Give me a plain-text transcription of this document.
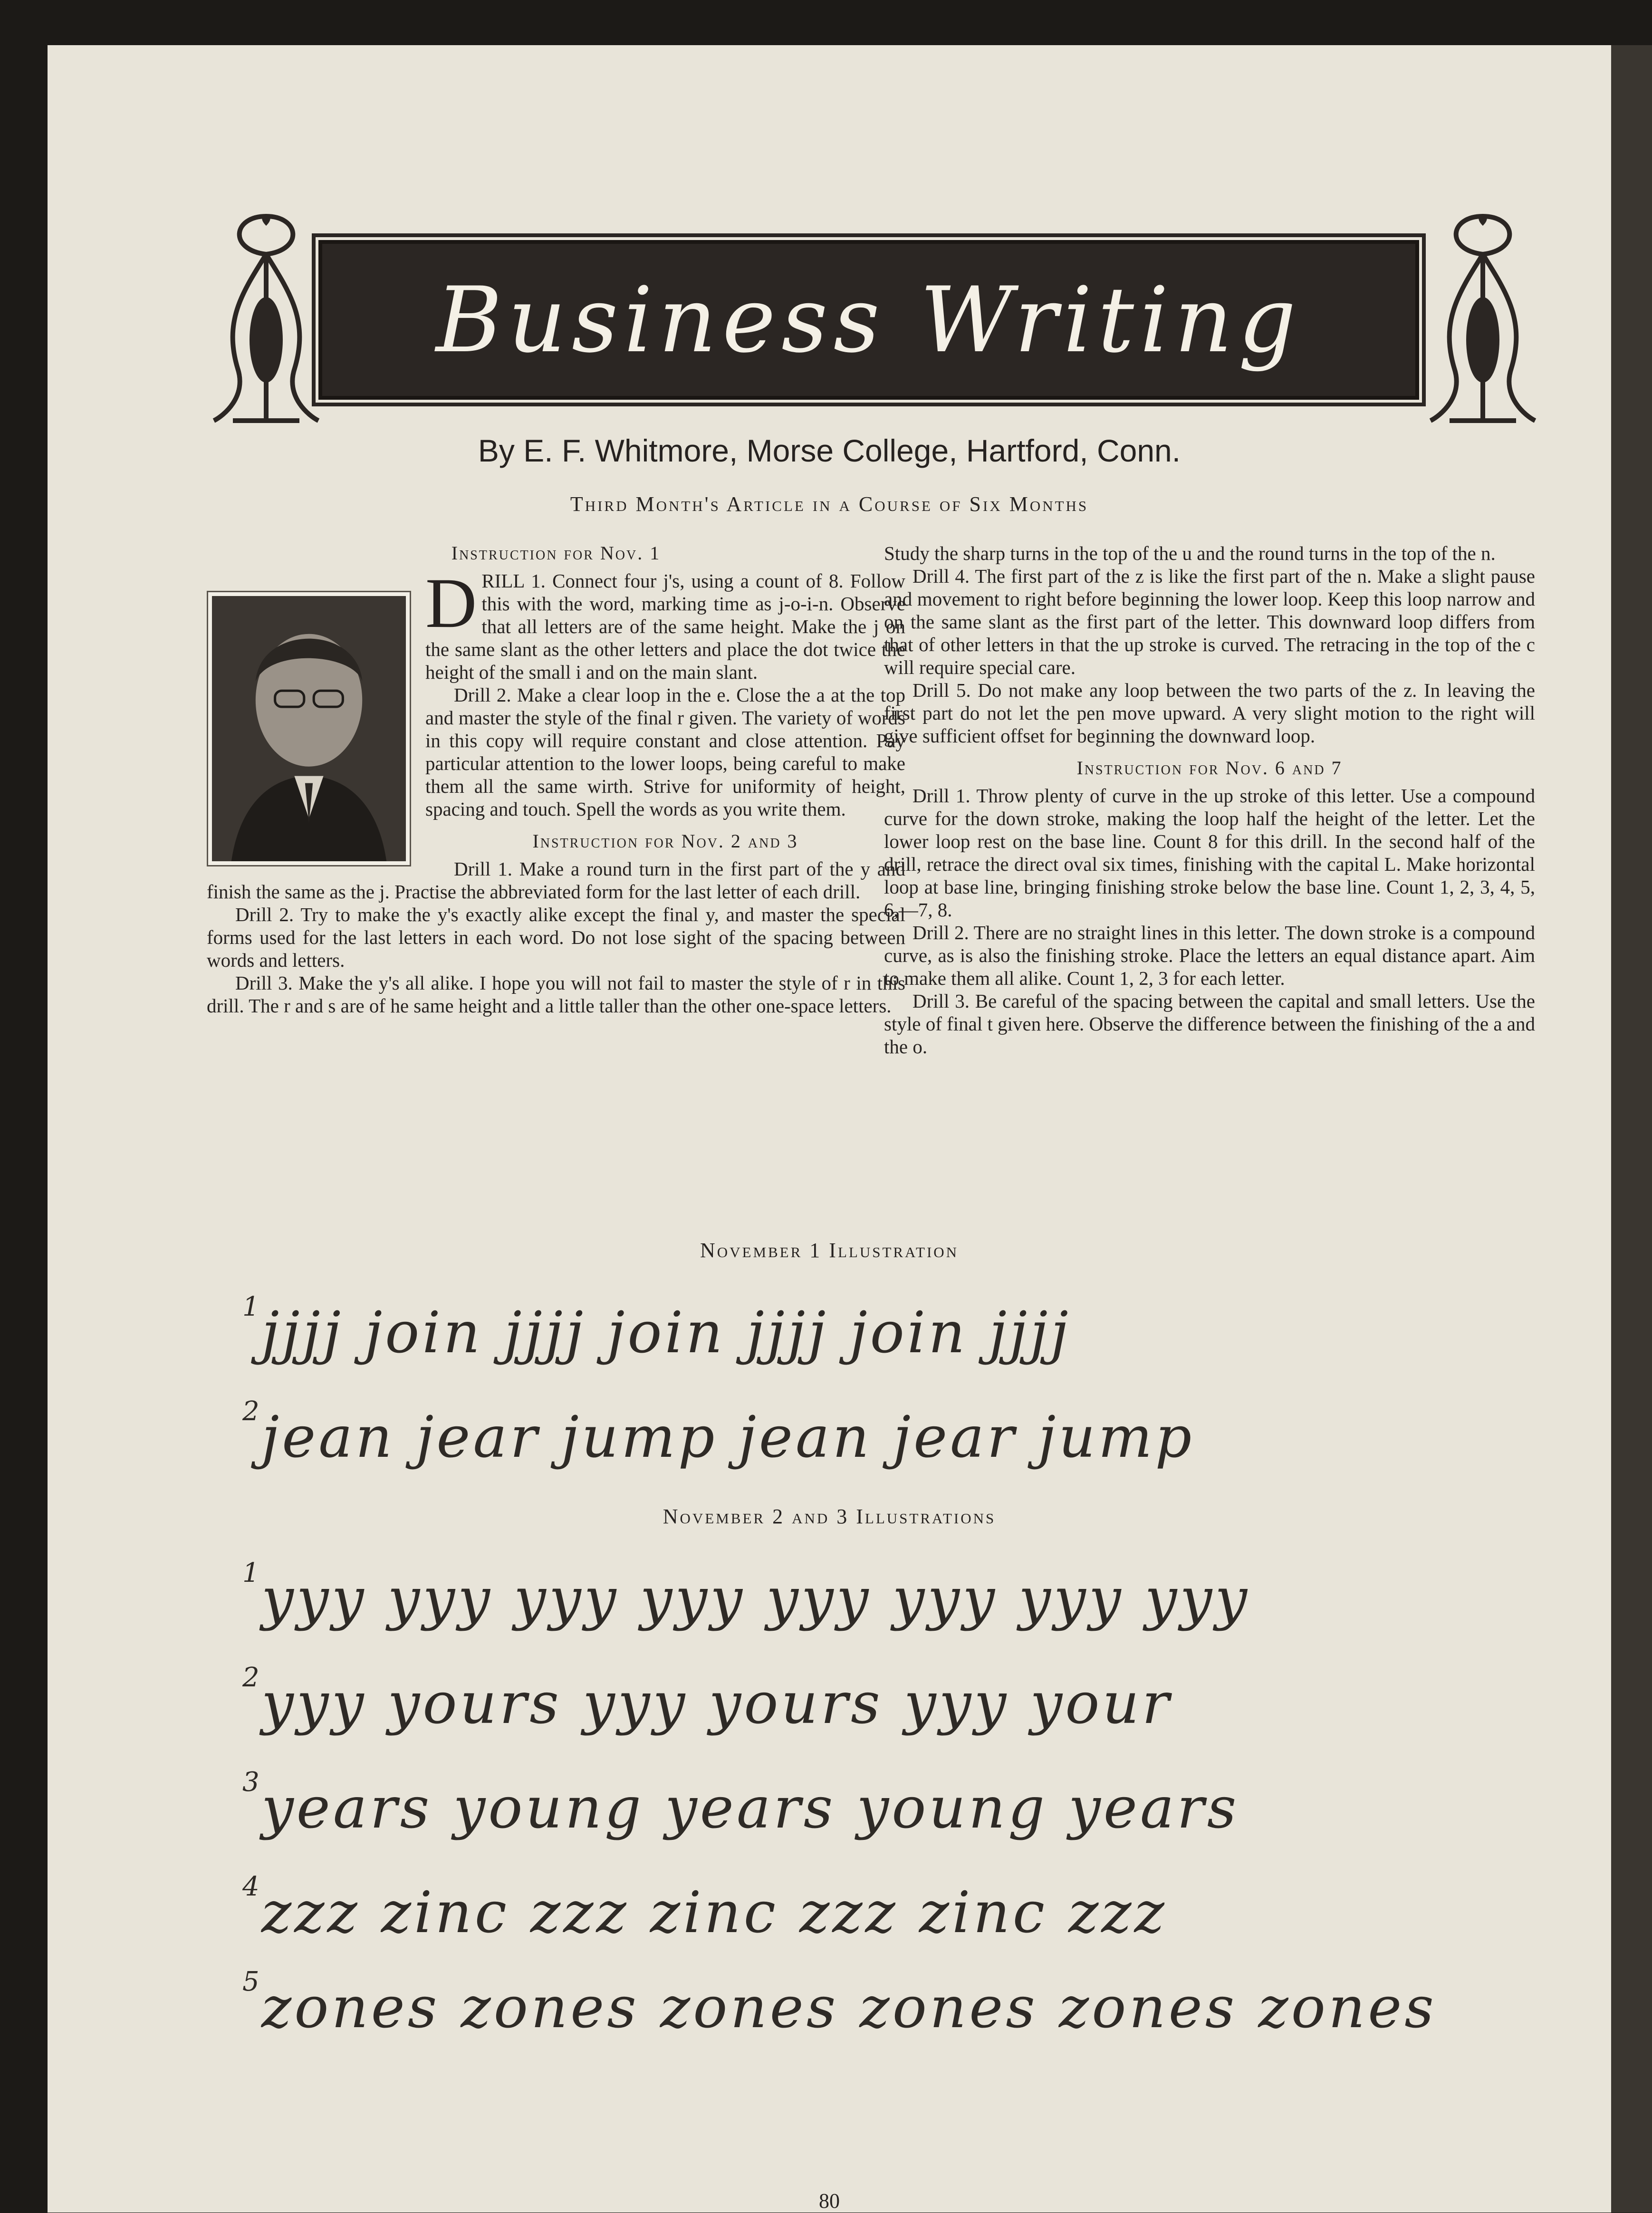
Business Writing
By E. F. Whitmore, Morse College, Hartford, Conn.
Third Month's Article in a Course of Six Months
Instruction for Nov. 1
D RILL 1. Connect four j's, using a count of 8. Follow this with the word, marking time as j-o-i-n. Observe that all letters are of the same height. Make the j on the same slant as the other letters and place the dot twice the height of the small i and on the main slant.

Drill 2. Make a clear loop in the e. Close the a at the top and master the style of the final r given. The variety of words in this copy will require constant and close attention. Pay particular attention to the lower loops, being careful to make them all the same wirth. Strive for uniformity of height, spacing and touch. Spell the words as you write them.

Instruction for Nov. 2 and 3

Drill 1. Make a round turn in the first part of the y and finish the same as the j. Practise the abbreviated form for the last letter of each drill.

Drill 2. Try to make the y's exactly alike except the final y, and master the special forms used for the last letters in each word. Do not lose sight of the spacing between words and letters.

Drill 3. Make the y's all alike. I hope you will not fail to master the style of r in this drill. The r and s are of he same height and a little taller than the other one-space letters.

Study the sharp turns in the top of the u and the round turns in the top of the n.

Drill 4. The first part of the z is like the first part of the n. Make a slight pause and movement to right before beginning the lower loop. Keep this loop narrow and on the same slant as the first part of the letter. This downward loop differs from that of other letters in that the up stroke is curved. The retracing in the top of the c will require special care.

Drill 5. Do not make any loop between the two parts of the z. In leaving the first part do not let the pen move upward. A very slight motion to the right will give sufficient offset for beginning the downward loop.

Instruction for Nov. 6 and 7

Drill 1. Throw plenty of curve in the up stroke of this letter. Use a compound curve for the down stroke, making the loop half the height of the letter. Let the lower loop rest on the base line. Count 8 for this drill. In the second half of the drill, retrace the direct oval six times, finishing with the capital L. Make horizontal loop at base line, bringing finishing stroke below the base line. Count 1, 2, 3, 4, 5, 6,—7, 8.

Drill 2. There are no straight lines in this letter. The down stroke is a compound curve, as is also the finishing stroke. Place the letters an equal distance apart. Aim to make them all alike. Count 1, 2, 3 for each letter.

Drill 3. Be careful of the spacing between the capital and small letters. Use the style of final t given here. Observe the difference between the finishing of the a and the o.

November 1 Illustration
1
jjjj join jjjj join jjjj join jjjj
2
jean jear jump jean jear jump
November 2 and 3 Illustrations
1
yyy yyy yyy yyy yyy yyy yyy yyy
2
yyy yours yyy yours yyy your
3
years young years young years
4
zzz zinc zzz zinc zzz zinc zzz
5
zones zones zones zones zones zones
80
